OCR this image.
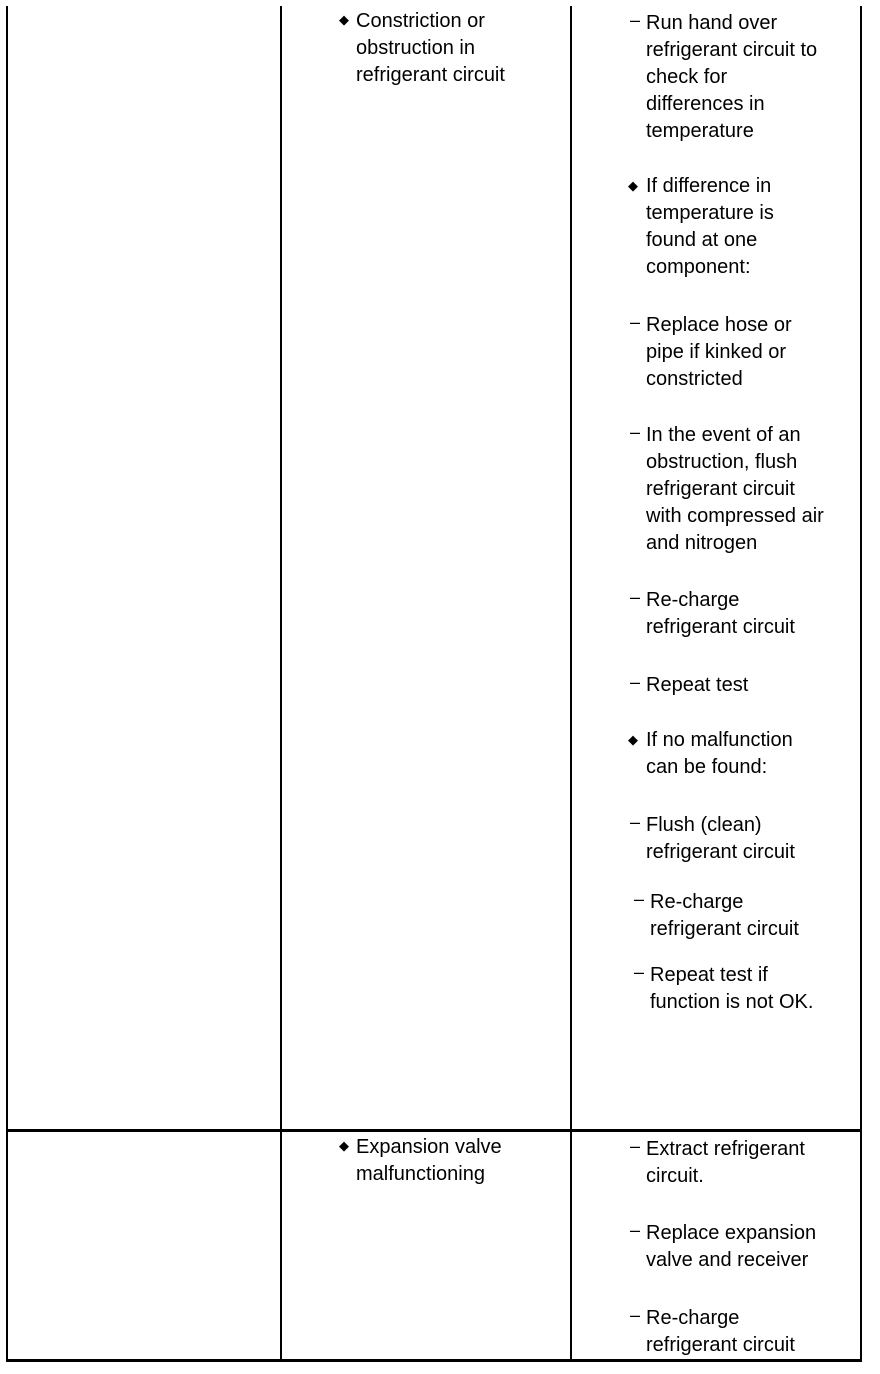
◆ Constriction or
obstruction in
refrigerant circuit
– Run hand over
refrigerant circuit to
check for
differences in
temperature
◆ If difference in
temperature is
found at one
component:
– Replace hose or
pipe if kinked or
constricted
– In the event of an
obstruction, flush
refrigerant circuit
with compressed air
and nitrogen
– Re-charge
refrigerant circuit
– Repeat test
◆ If no malfunction
can be found:
– Flush (clean)
refrigerant circuit
– Re-charge
refrigerant circuit
– Repeat test if
function is not OK.
◆ Expansion valve
malfunctioning
– Extract refrigerant
circuit.
– Replace expansion
valve and receiver
– Re-charge
refrigerant circuit
